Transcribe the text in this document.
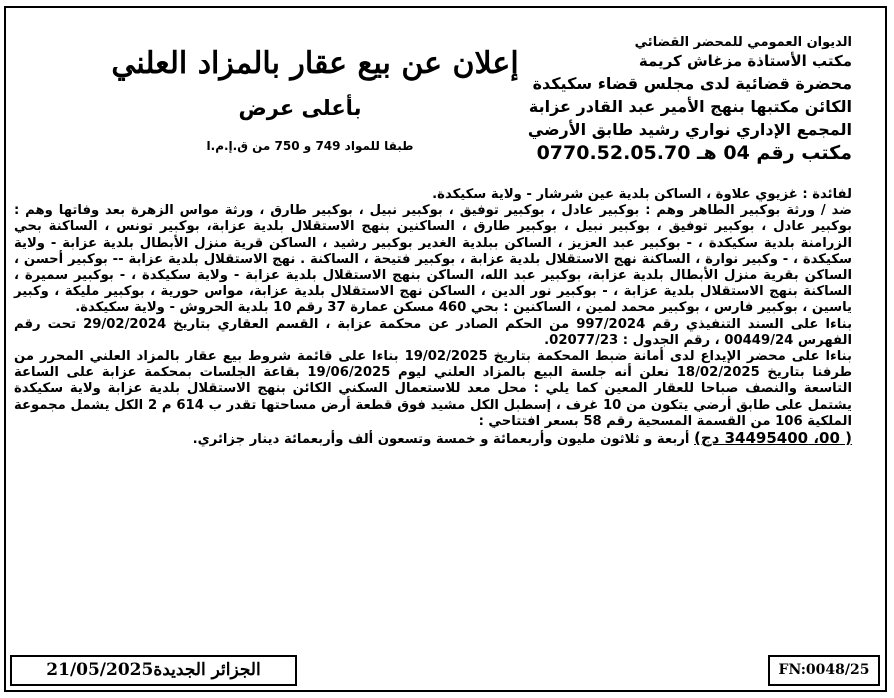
الديوان العمومي للمحضر القضائي
مكتب الأستاذة مزغاش كريمة
محضرة قضائية لدى مجلس قضاء سكيكدة
الكائن مكتبها بنهج الأمير عبد القادر عزابة
المجمع الإداري نواري رشيد طابق الأرضي
مكتب رقم 04 هـ 0770.52.05.70
إعلان عن بيع عقار بالمزاد العلني
بأعلى عرض
طبقا للمواد 749 و 750 من ق.إ.م.ا

لفائدة : غزيوي علاوة ، الساكن بلدية عين شرشار - ولاية سكيكدة.

ضد / ورثة بوكبير الطاهر وهم : بوكبير عادل ، بوكبير توفيق ، بوكبير نبيل ، بوكبير طارق ، ورثة مواس الزهرة بعد وفاتها وهم : بوكبير عادل ، بوكبير توفيق ، بوكبير نبيل ، بوكبير طارق ، الساكنين بنهج الاستقلال بلدية عزابة، بوكبير تونس ، الساكنة بحي الزرامنة بلدية سكيكدة ، - بوكبير عبد العزيز ، الساكن ببلدية الغدير بوكبير رشيد ، الساكن قرية منزل الأبطال بلدية عزابة - ولاية سكيكدة ، - وكبير نوارة ، الساكنة نهج الاستقلال بلدية عزابة ، بوكبير فتيحة ، الساكنة . نهج الاستقلال بلدية عزابة -- بوكبير أحسن ، الساكن بقرية منزل الأبطال بلدية عزابة، بوكبير عبد الله، الساكن بنهج الاستقلال بلدية عزابة - ولاية سكيكدة ، - بوكبير سميرة ، الساكنة بنهج الاستقلال بلدية عزابة ، - بوكبير نور الدين ، الساكن نهج الاستقلال بلدية عزابة، مواس حورية ، بوكبير مليكة ، وكبير ياسين ، بوكبير فارس ، بوكبير محمد لمين ، الساكنين : بحي 460 مسكن عمارة 37 رقم 10 بلدية الحروش - ولاية سكيكدة.

بناءا على السند التنفيذي رقم 997/2024 من الحكم الصادر عن محكمة عزابة ، القسم العقاري بتاريخ 29/02/2024 تحت رقم الفهرس 00449/24 ، رقم الجدول : 02077/23.

بناءا على محضر الإيداع لدى أمانة ضبط المحكمة بتاريخ 19/02/2025 بناءا على قائمة شروط بيع عقار بالمزاد العلني المحرر من طرفنا بتاريخ 18/02/2025 نعلن أنه جلسة البيع بالمزاد العلني ليوم 19/06/2025 بقاعة الجلسات بمحكمة عزابة على الساعة التاسعة والنصف صباحا للعقار المعين كما يلي : محل معد للاستعمال السكني الكائن بنهج الاستقلال بلدية عزابة ولاية سكيكدة يشتمل على طابق أرضي يتكون من 10 غرف ، إسطبل الكل مشيد فوق قطعة أرض مساحتها تقدر ب 614 م 2 الكل يشمل مجموعة الملكية 106 من القسمة المسحية رقم 58 بسعر افتتاحي :

( 00، 34495400 دج) أربعة و ثلاثون مليون وأربعمائة و خمسة وتسعون ألف وأربعمائة دينار جزائري.

الجزائر الجديدة21/05/2025	FN:0048/25
